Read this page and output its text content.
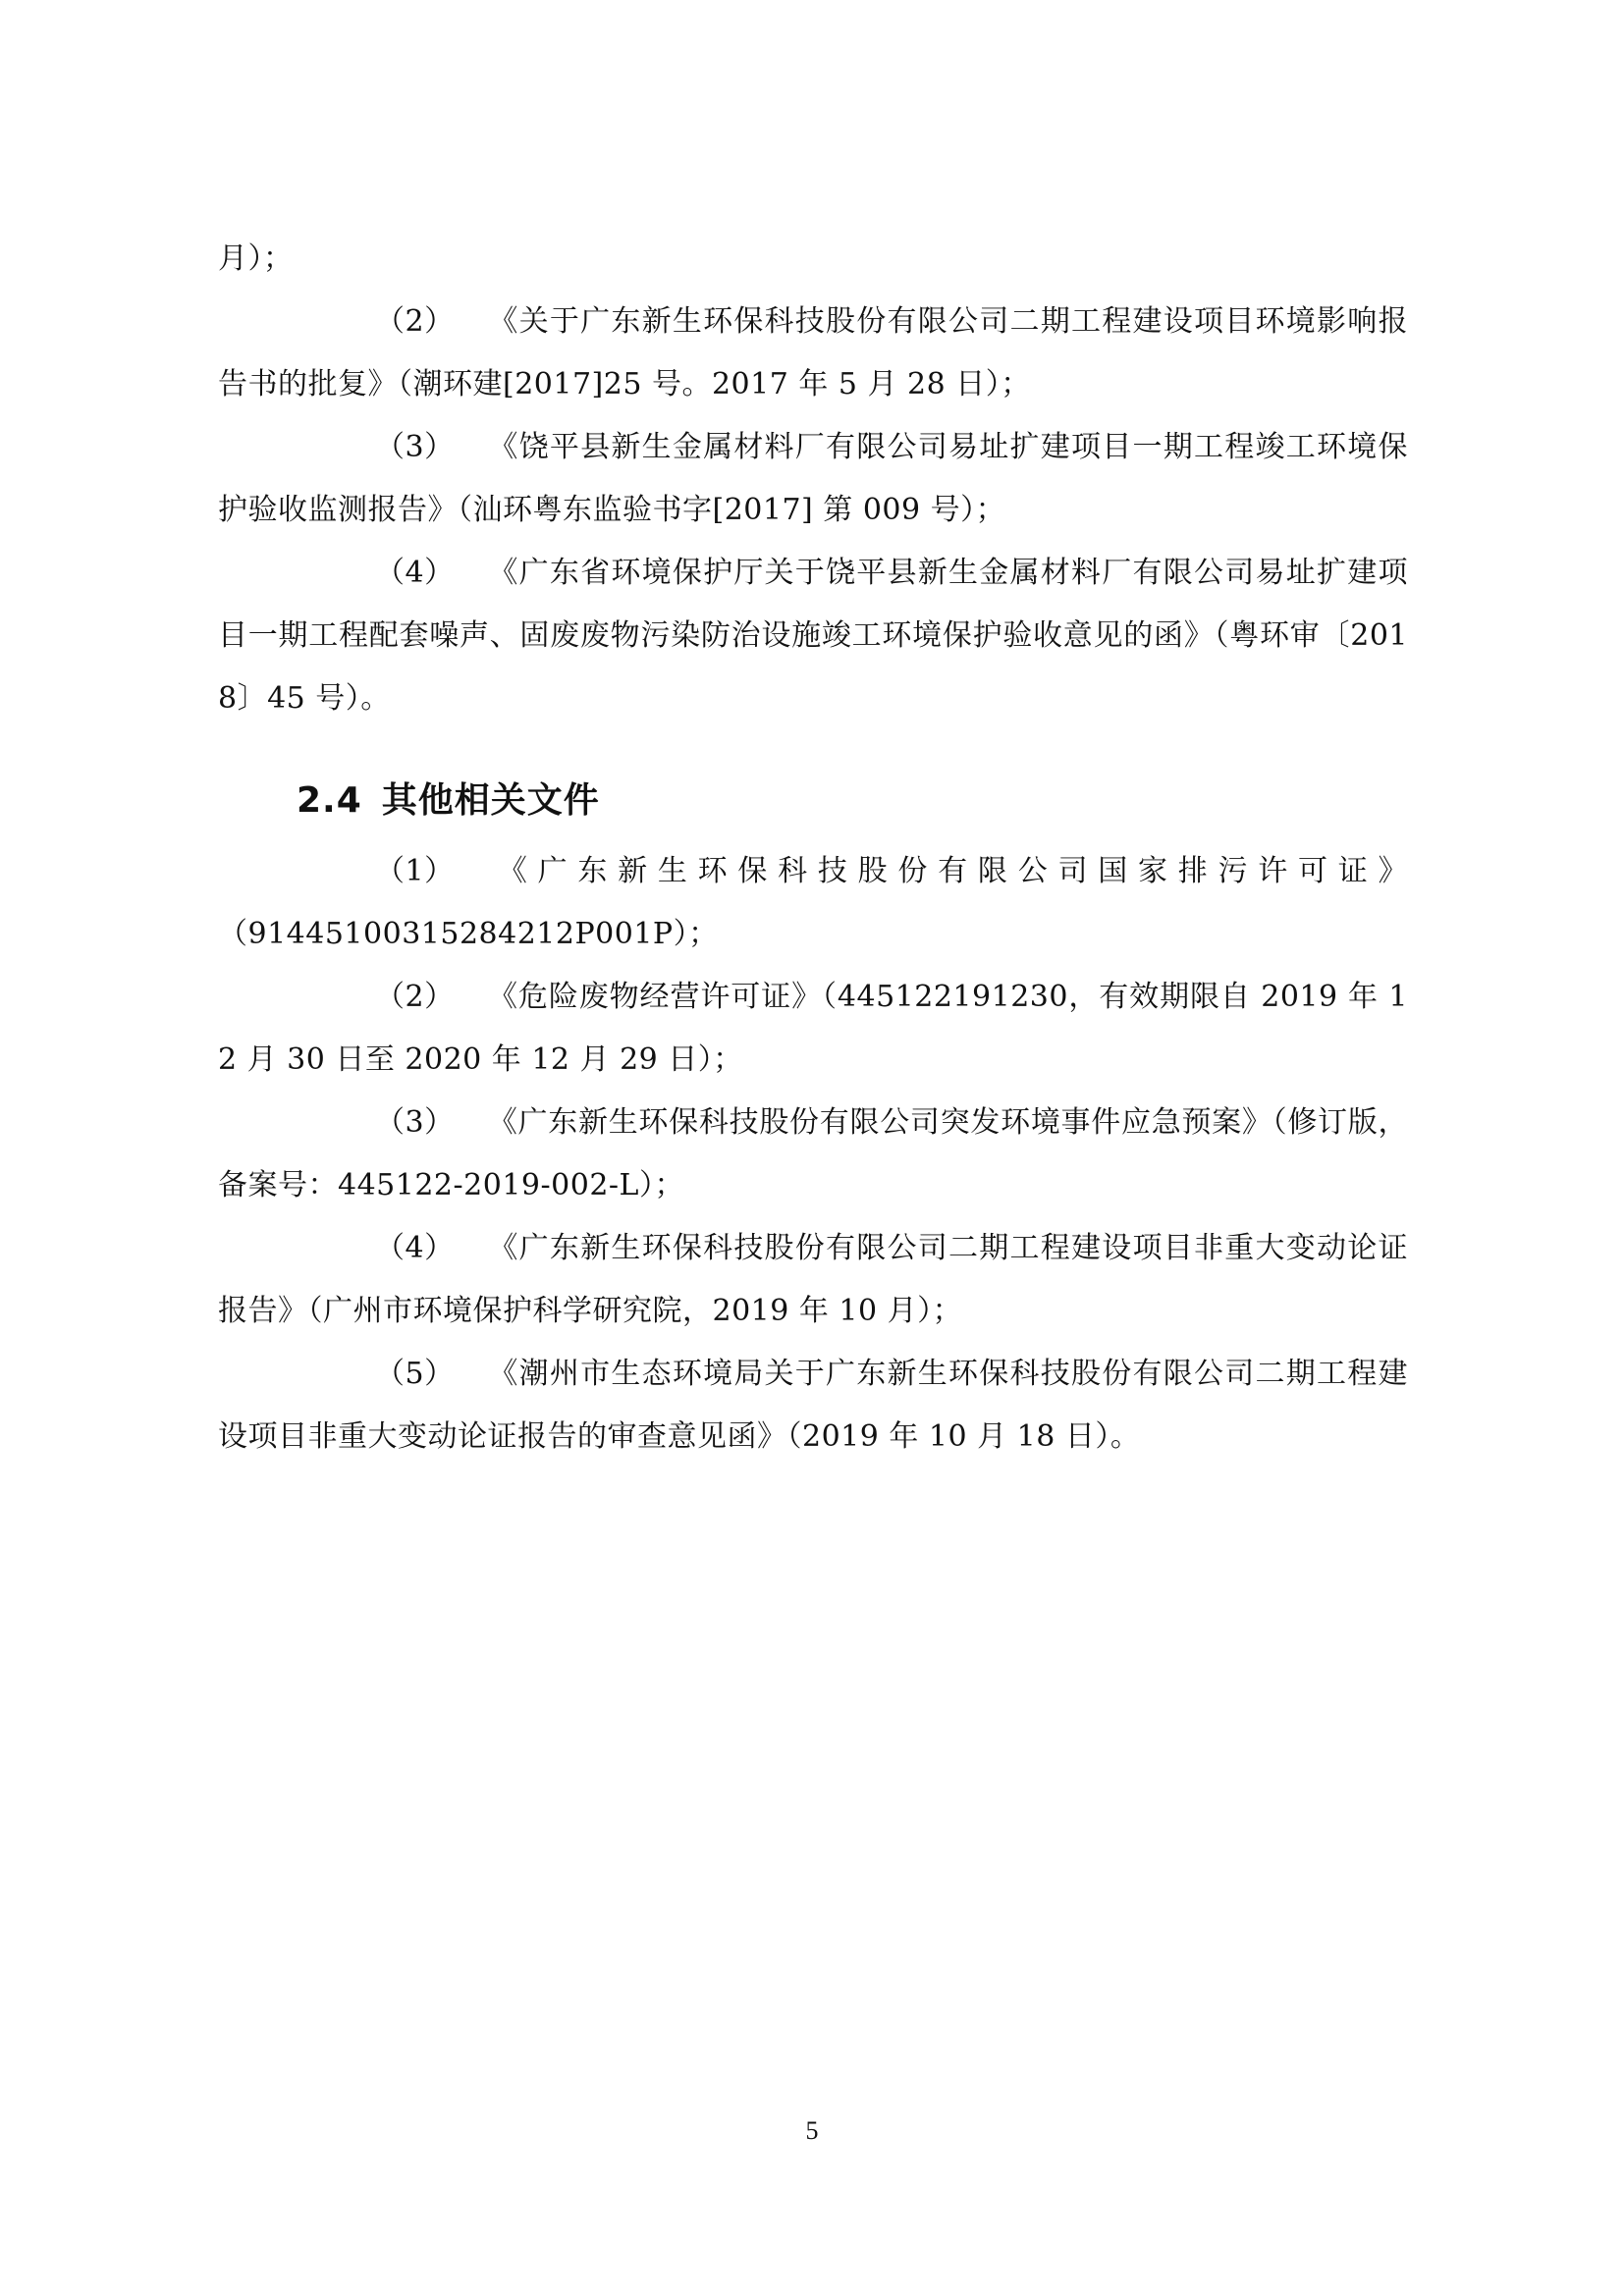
月）；

（2） 《关于广东新生环保科技股份有限公司二期工程建设项目环境影响报告书的批复》（潮环建[2017]25 号。2017 年 5 月 28 日）；

（3） 《饶平县新生金属材料厂有限公司易址扩建项目一期工程竣工环境保护验收监测报告》（汕环粤东监验书字[2017] 第 009 号）；

（4） 《广东省环境保护厅关于饶平县新生金属材料厂有限公司易址扩建项目一期工程配套噪声、固废废物污染防治设施竣工环境保护验收意见的函》（粤环审〔2018〕45 号）。

2.4 其他相关文件

（1） 《广东新生环保科技股份有限公司国家排污许可证》

（91445100315284212P001P）；

（2） 《危险废物经营许可证》（445122191230，有效期限自 2019 年 12 月 30 日至 2020 年 12 月 29 日）；

（3） 《广东新生环保科技股份有限公司突发环境事件应急预案》（修订版，备案号：445122-2019-002-L）；

（4） 《广东新生环保科技股份有限公司二期工程建设项目非重大变动论证报告》（广州市环境保护科学研究院，2019 年 10 月）；

（5） 《潮州市生态环境局关于广东新生环保科技股份有限公司二期工程建设项目非重大变动论证报告的审查意见函》（2019 年 10 月 18 日）。

5
